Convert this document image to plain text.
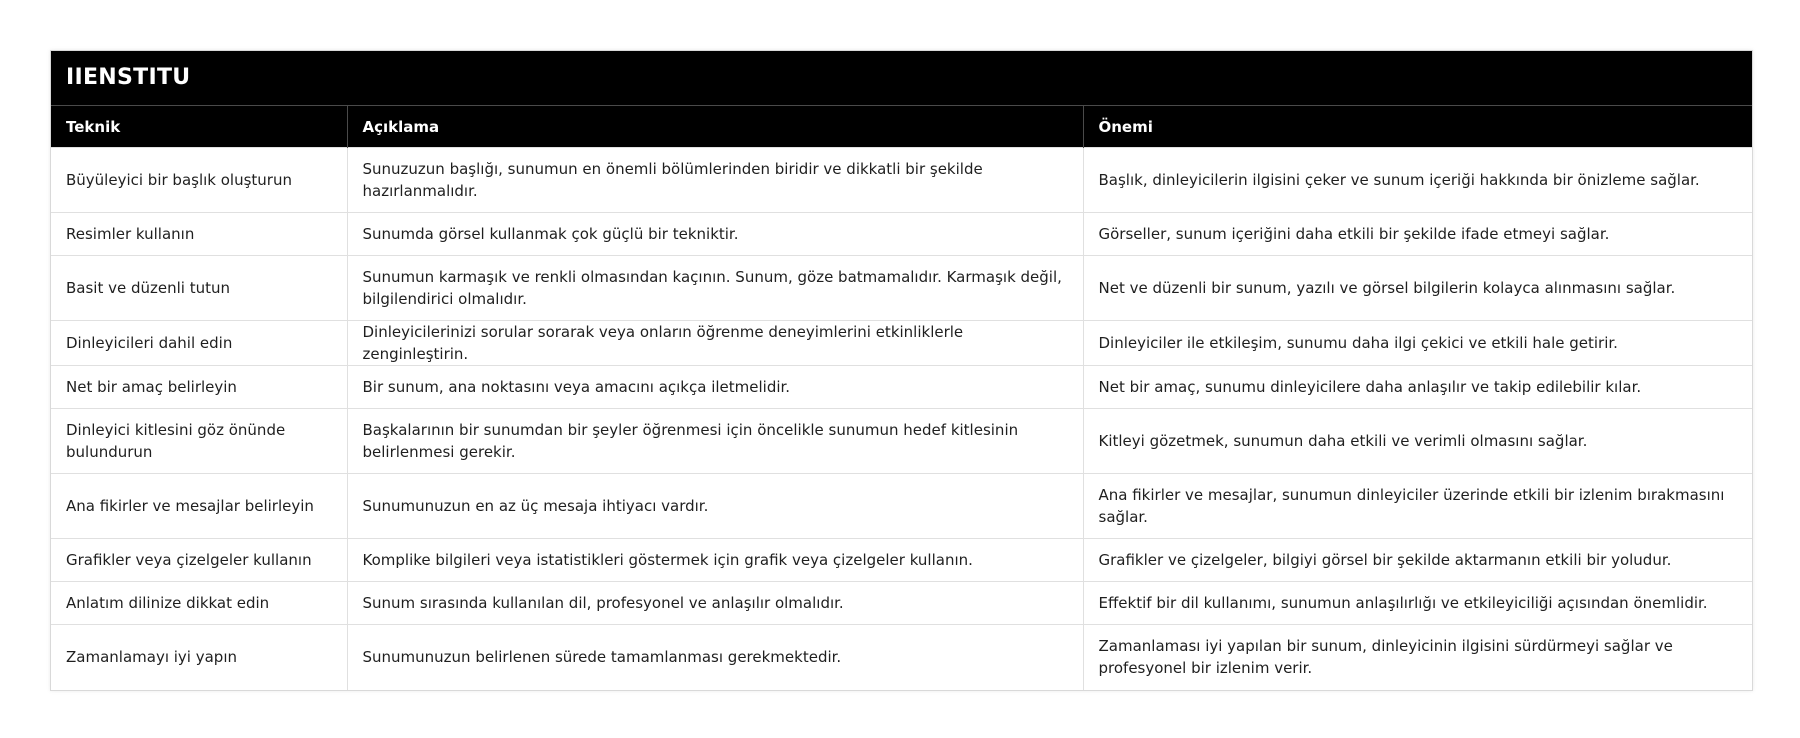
IIENSTITU
Teknik	Açıklama	Önemi
Büyüleyici bir başlık oluşturun	Sunuzuzun başlığı, sunumun en önemli bölümlerinden biridir ve dikkatli bir şekilde hazırlanmalıdır.	Başlık, dinleyicilerin ilgisini çeker ve sunum içeriği hakkında bir önizleme sağlar.
Resimler kullanın	Sunumda görsel kullanmak çok güçlü bir tekniktir.	Görseller, sunum içeriğini daha etkili bir şekilde ifade etmeyi sağlar.
Basit ve düzenli tutun	Sunumun karmaşık ve renkli olmasından kaçının. Sunum, göze batmamalıdır. Karmaşık değil, bilgilendirici olmalıdır.	Net ve düzenli bir sunum, yazılı ve görsel bilgilerin kolayca alınmasını sağlar.
Dinleyicileri dahil edin	Dinleyicilerinizi sorular sorarak veya onların öğrenme deneyimlerini etkinliklerle zenginleştirin.	Dinleyiciler ile etkileşim, sunumu daha ilgi çekici ve etkili hale getirir.
Net bir amaç belirleyin	Bir sunum, ana noktasını veya amacını açıkça iletmelidir.	Net bir amaç, sunumu dinleyicilere daha anlaşılır ve takip edilebilir kılar.
Dinleyici kitlesini göz önünde bulundurun	Başkalarının bir sunumdan bir şeyler öğrenmesi için öncelikle sunumun hedef kitlesinin belirlenmesi gerekir.	Kitleyi gözetmek, sunumun daha etkili ve verimli olmasını sağlar.
Ana fikirler ve mesajlar belirleyin	Sunumunuzun en az üç mesaja ihtiyacı vardır.	Ana fikirler ve mesajlar, sunumun dinleyiciler üzerinde etkili bir izlenim bırakmasını sağlar.
Grafikler veya çizelgeler kullanın	Komplike bilgileri veya istatistikleri göstermek için grafik veya çizelgeler kullanın.	Grafikler ve çizelgeler, bilgiyi görsel bir şekilde aktarmanın etkili bir yoludur.
Anlatım dilinize dikkat edin	Sunum sırasında kullanılan dil, profesyonel ve anlaşılır olmalıdır.	Effektif bir dil kullanımı, sunumun anlaşılırlığı ve etkileyiciliği açısından önemlidir.
Zamanlamayı iyi yapın	Sunumunuzun belirlenen sürede tamamlanması gerekmektedir.	Zamanlaması iyi yapılan bir sunum, dinleyicinin ilgisini sürdürmeyi sağlar ve profesyonel bir izlenim verir.
